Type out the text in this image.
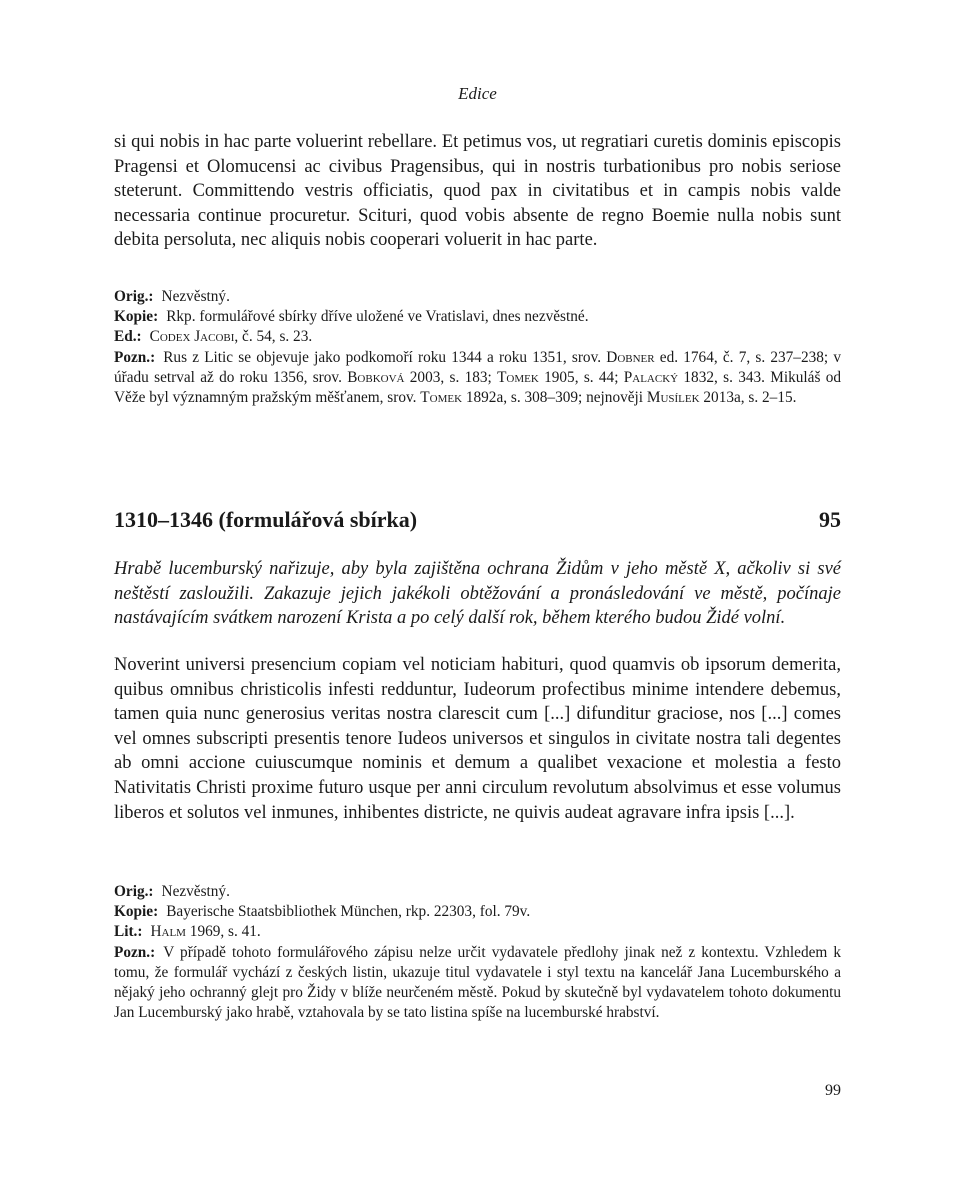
Edice

si qui nobis in hac parte voluerint rebellare. Et petimus vos, ut regratiari curetis dominis episcopis Pragensi et Olomucensi ac civibus Pragensibus, qui in nostris turbationibus pro nobis seriose steterunt. Committendo vestris officiatis, quod pax in civitatibus et in campis nobis valde necessaria continue procuretur. Scituri, quod vobis absente de regno Boemie nulla nobis sunt debita persoluta, nec aliquis nobis cooperari voluerit in hac parte.

Orig.: Nezvěstný.
Kopie: Rkp. formulářové sbírky dříve uložené ve Vratislavi, dnes nezvěstné.
Ed.: Codex Jacobi, č. 54, s. 23.
Pozn.: Rus z Litic se objevuje jako podkomoří roku 1344 a roku 1351, srov. Dobner ed. 1764, č. 7, s. 237–238; v úřadu setrval až do roku 1356, srov. Bobková 2003, s. 183; Tomek 1905, s. 44; Palacký 1832, s. 343. Mikuláš od Věže byl významným pražským měšťanem, srov. Tomek 1892a, s. 308–309; nejnověji Musílek 2013a, s. 2–15.
1310–1346 (formulářová sbírka)	95

Hrabě lucemburský nařizuje, aby byla zajištěna ochrana Židům v jeho městě X, ačkoliv si své neštěstí zasloužili. Zakazuje jejich jakékoli obtěžování a pronásledování ve městě, počínaje nastávajícím svátkem narození Krista a po celý další rok, během kterého budou Židé volní.

Noverint universi presencium copiam vel noticiam habituri, quod quamvis ob ipsorum demerita, quibus omnibus christicolis infesti redduntur, Iudeorum profectibus minime intendere debemus, tamen quia nunc generosius veritas nostra clarescit cum [...] difunditur graciose, nos [...] comes vel omnes subscripti presentis tenore Iudeos universos et singulos in civitate nostra tali degentes ab omni accione cuiuscumque nominis et demum a qualibet vexacione et molestia a festo Nativitatis Christi proxime futuro usque per anni circulum revolutum absolvimus et esse volumus liberos et solutos vel inmunes, inhibentes districte, ne quivis audeat agravare infra ipsis [...].

Orig.: Nezvěstný.
Kopie: Bayerische Staatsbibliothek München, rkp. 22303, fol. 79v.
Lit.: Halm 1969, s. 41.
Pozn.: V případě tohoto formulářového zápisu nelze určit vydavatele předlohy jinak než z kontextu. Vzhledem k tomu, že formulář vychází z českých listin, ukazuje titul vydavatele i styl textu na kancelář Jana Lucemburského a nějaký jeho ochranný glejt pro Židy v blíže neurčeném městě. Pokud by skutečně byl vydavatelem tohoto dokumentu Jan Lucemburský jako hrabě, vztahovala by se tato listina spíše na lucemburské hrabství.
99
